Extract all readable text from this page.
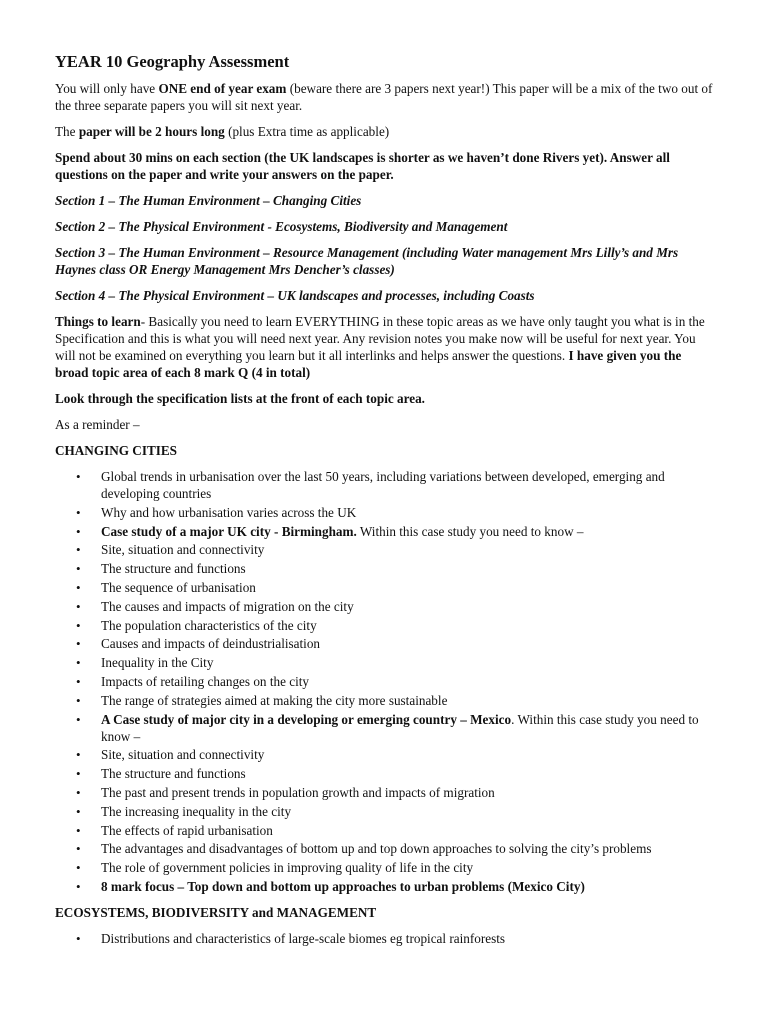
YEAR 10 Geography Assessment

You will only have ONE end of year exam (beware there are 3 papers next year!) This paper will be a mix of the two out of the three separate papers you will sit next year.

The paper will be 2 hours long (plus Extra time as applicable)

Spend about 30 mins on each section (the UK landscapes is shorter as we haven’t done Rivers yet). Answer all questions on the paper and write your answers on the paper.

Section 1 – The Human Environment – Changing Cities

Section 2 – The Physical Environment - Ecosystems, Biodiversity and Management

Section 3 – The Human Environment – Resource Management (including Water management Mrs Lilly’s and Mrs Haynes class OR Energy Management Mrs Dencher’s classes)

Section 4 – The Physical Environment – UK landscapes and processes, including Coasts

Things to learn- Basically you need to learn EVERYTHING in these topic areas as we have only taught you what is in the Specification and this is what you will need next year. Any revision notes you make now will be useful for next year. You will not be examined on everything you learn but it all interlinks and helps answer the questions. I have given you the broad topic area of each 8 mark Q (4 in total)

Look through the specification lists at the front of each topic area.

As a reminder –

CHANGING CITIES
• Global trends in urbanisation over the last 50 years, including variations between developed, emerging and developing countries
• Why and how urbanisation varies across the UK
• Case study of a major UK city - Birmingham. Within this case study you need to know –
• Site, situation and connectivity
• The structure and functions
• The sequence of urbanisation
• The causes and impacts of migration on the city
• The population characteristics of the city
• Causes and impacts of deindustrialisation
• Inequality in the City
• Impacts of retailing changes on the city
• The range of strategies aimed at making the city more sustainable
• A Case study of major city in a developing or emerging country – Mexico. Within this case study you need to know –
• Site, situation and connectivity
• The structure and functions
• The past and present trends in population growth and impacts of migration
• The increasing inequality in the city
• The effects of rapid urbanisation
• The advantages and disadvantages of bottom up and top down approaches to solving the city’s problems
• The role of government policies in improving quality of life in the city
• 8 mark focus – Top down and bottom up approaches to urban problems (Mexico City)
ECOSYSTEMS, BIODIVERSITY and MANAGEMENT
• Distributions and characteristics of large-scale biomes eg tropical rainforests
